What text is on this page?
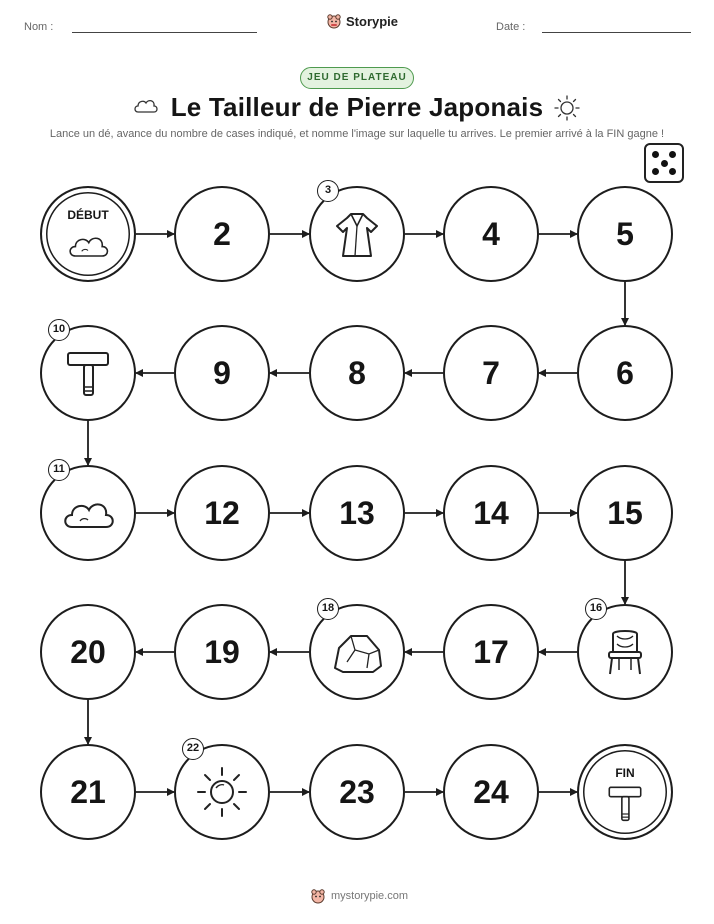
Nom :	Storypie	Date :
JEU DE PLATEAU
Le Tailleur de Pierre Japonais
Lance un dé, avance du nombre de cases indiqué, et nomme l'image sur laquelle tu arrives. Le premier arrivé à la FIN gagne !
DÉBUT
2
3
4	5
6
7
8
9
10
11
12	13	14	15
16
17
18
19
20
21
22
23	24
FIN
mystorypie.com
